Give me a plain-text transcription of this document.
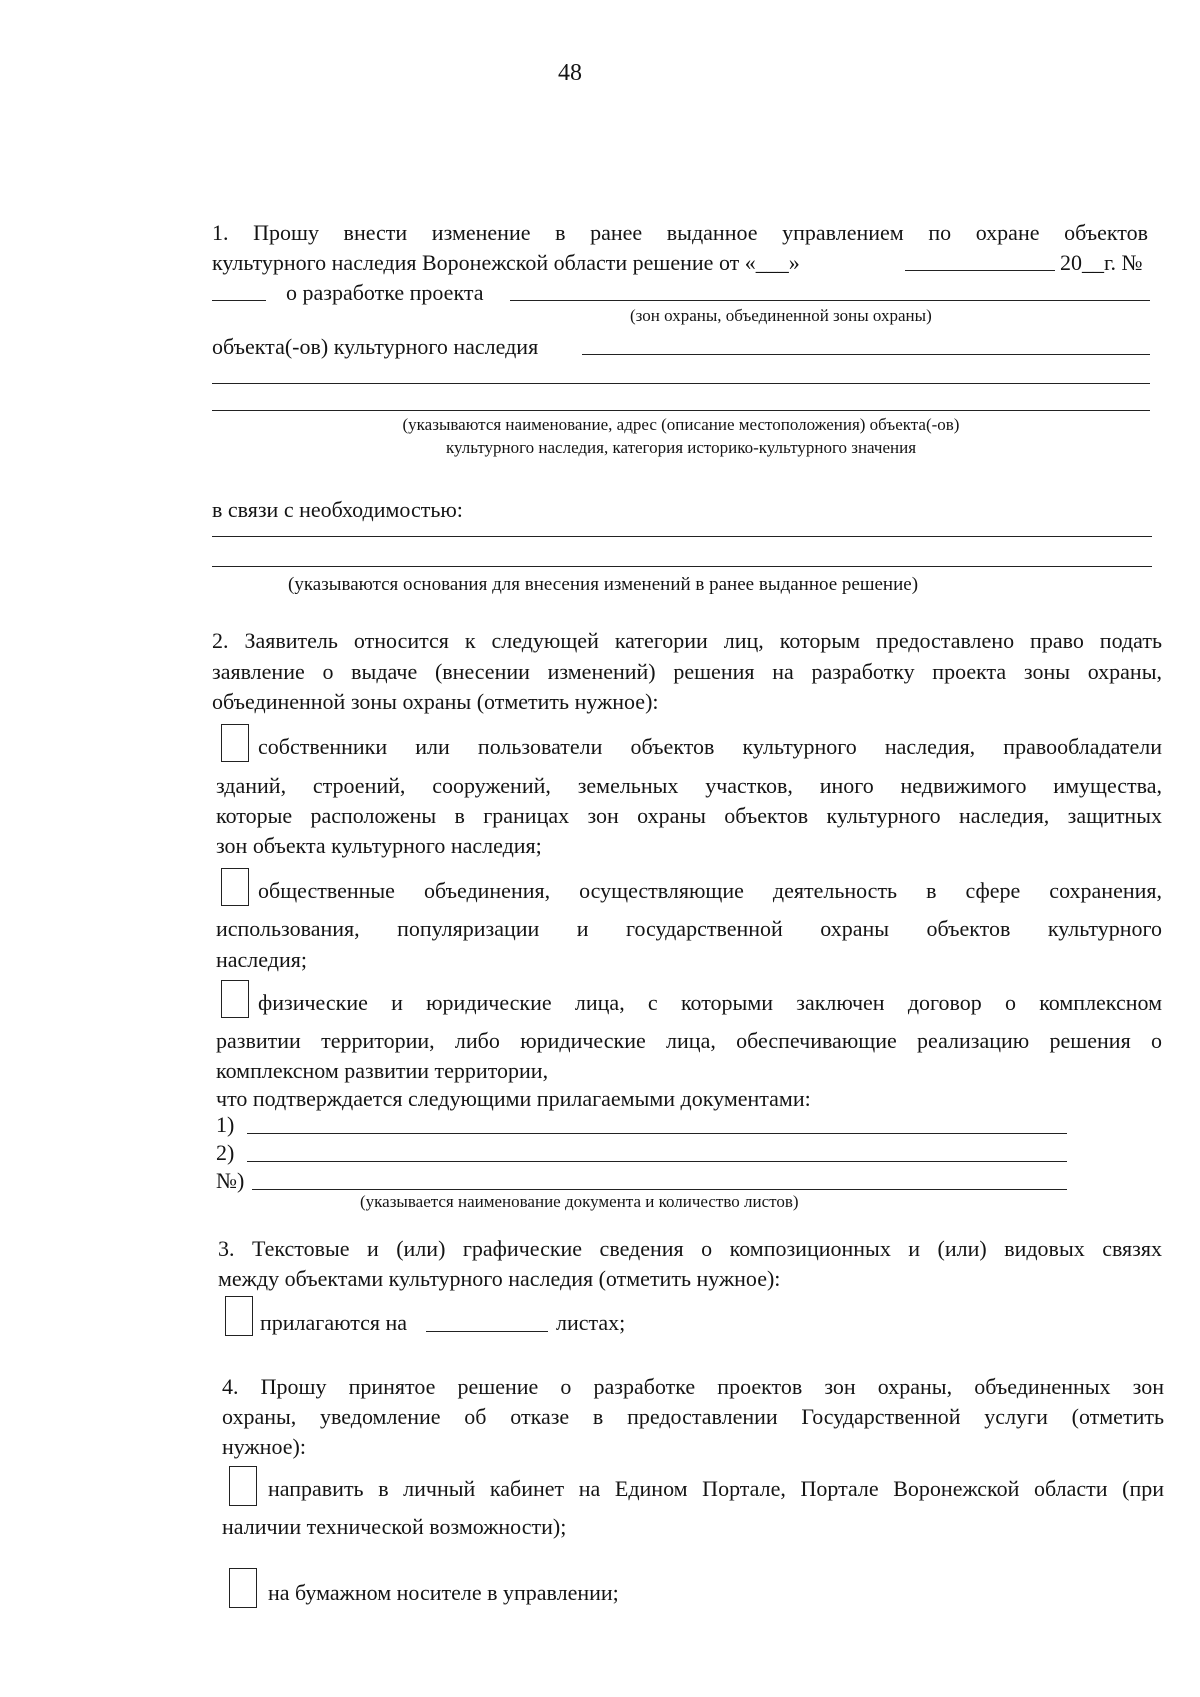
48
1. Прошу внести изменение в ранее выданное управлением по охране объектов
культурного наследия Воронежской области решение от «___»	20__г. №
о разработке проекта
(зон охраны, объединенной зоны охраны)
объекта(-ов) культурного наследия
(указываются наименование, адрес (описание местоположения) объекта(-ов)
культурного наследия, категория историко-культурного значения
в связи с необходимостью:
(указываются основания для внесения изменений в ранее выданное решение)
2. Заявитель относится к следующей категории лиц, которым предоставлено право подать
заявление о выдаче (внесении изменений) решения на разработку проекта зоны охраны,
объединенной зоны охраны (отметить нужное):
собственники или пользователи объектов культурного наследия, правообладатели
зданий, строений, сооружений, земельных участков, иного недвижимого имущества,
которые расположены в границах зон охраны объектов культурного наследия, защитных
зон объекта культурного наследия;
общественные объединения, осуществляющие деятельность в сфере сохранения,
использования, популяризации и государственной охраны объектов культурного
наследия;
физические и юридические лица, с которыми заключен договор о комплексном
развитии территории, либо юридические лица, обеспечивающие реализацию решения о
комплексном развитии территории,
что подтверждается следующими прилагаемыми документами:
1)
2)
№)
(указывается наименование документа и количество листов)
3. Текстовые и (или) графические сведения о композиционных и (или) видовых связях
между объектами культурного наследия (отметить нужное):
прилагаются на	листах;
4. Прошу принятое решение о разработке проектов зон охраны, объединенных зон
охраны, уведомление об отказе в предоставлении Государственной услуги (отметить
нужное):
направить в личный кабинет на Едином Портале, Портале Воронежской области (при
наличии технической возможности);
на бумажном носителе в управлении;
